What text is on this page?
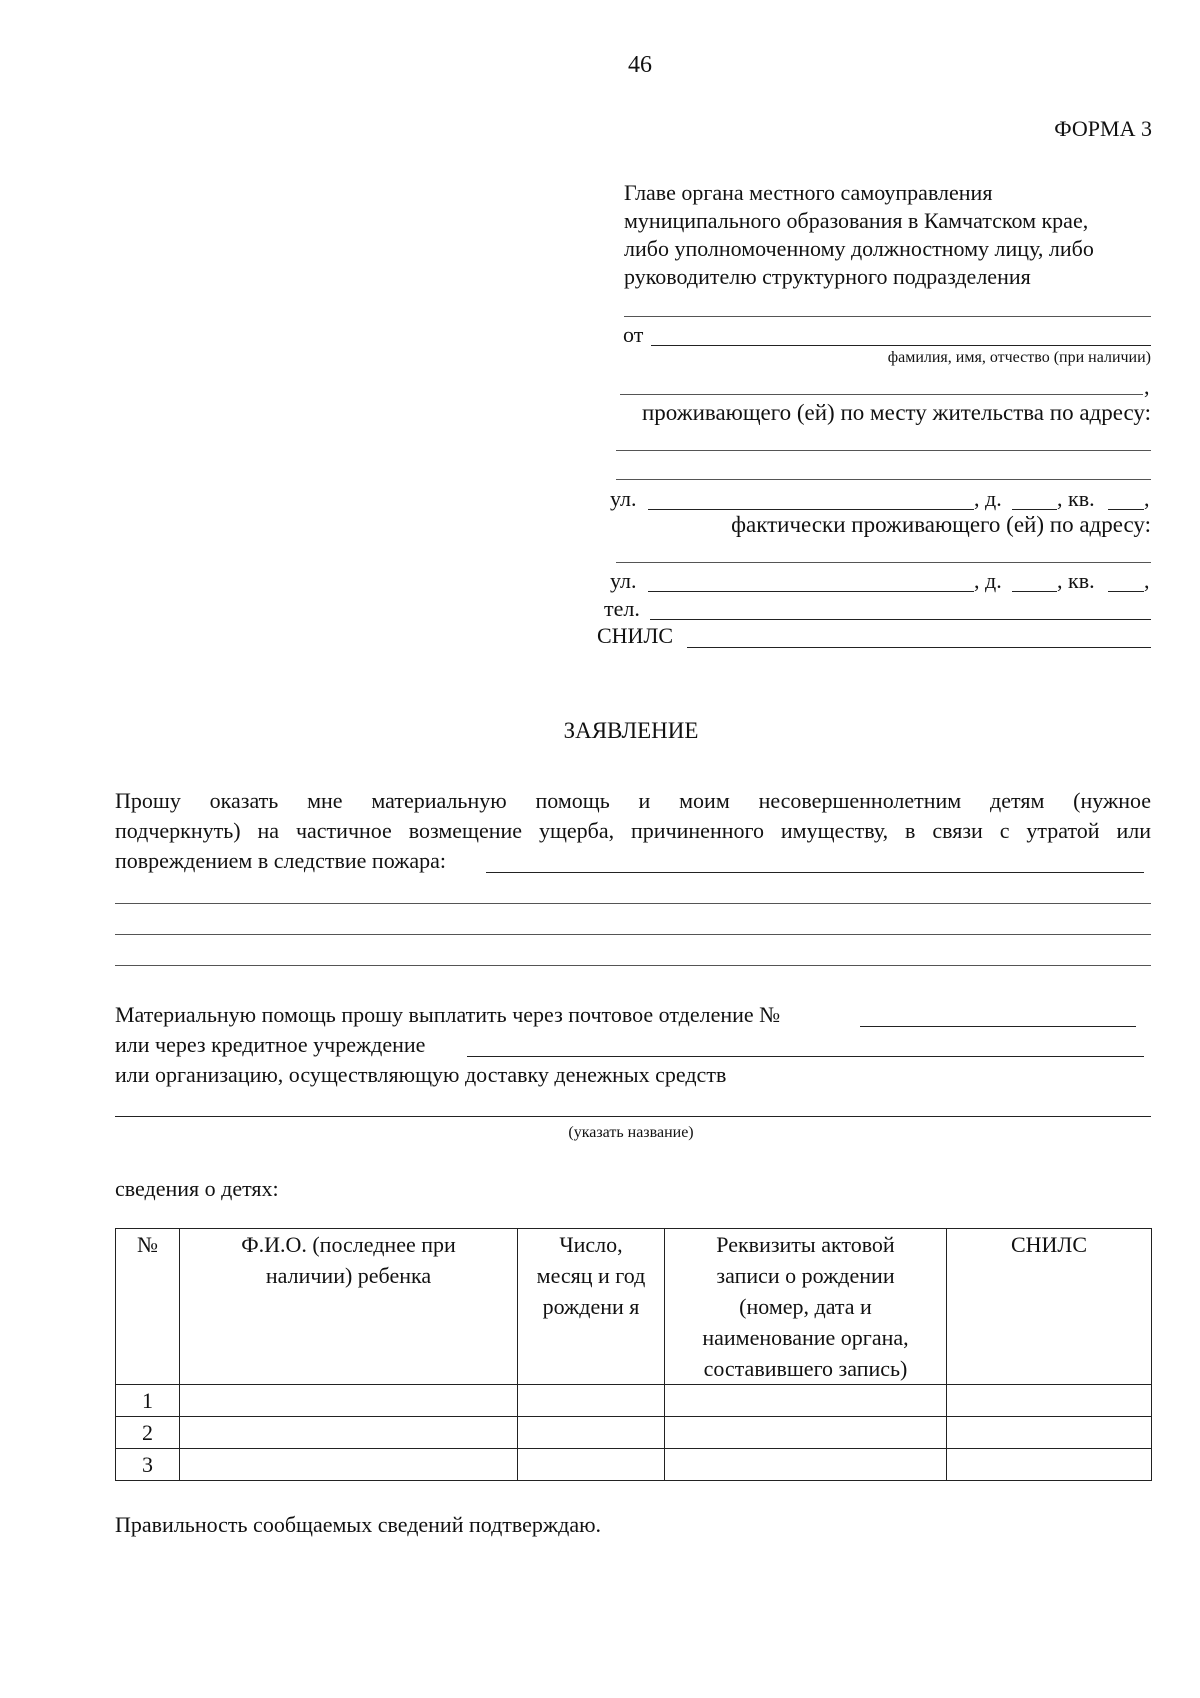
46
ФОРМА 3
Главе органа местного самоуправления
муниципального образования в Камчатском крае,
либо уполномоченному должностному лицу, либо
руководителю структурного подразделения
от
фамилия, имя, отчество (при наличии)
,
проживающего (ей) по месту жительства по адресу:
ул.	, д.	, кв. ,
фактически проживающего (ей) по адресу:
ул.	, д.	, кв. ,
тел.
СНИЛС
ЗАЯВЛЕНИЕ
Прошу оказать мне материальную помощь и моим несовершеннолетним детям (нужное
подчеркнуть) на частичное возмещение ущерба, причиненного имуществу, в связи с утратой или
повреждением в следствие пожара:
Материальную помощь прошу выплатить через почтовое отделение №
или через кредитное учреждение
или организацию, осуществляющую доставку денежных средств
(указать название)
сведения о детях:
№	Ф.И.О. (последнее при наличии) ребенка	Число, месяц и год рождени я	Реквизиты актовой записи о рождении (номер, дата и наименование органа, составившего запись)	СНИЛС
1				
2				
3				
Правильность сообщаемых сведений подтверждаю.
